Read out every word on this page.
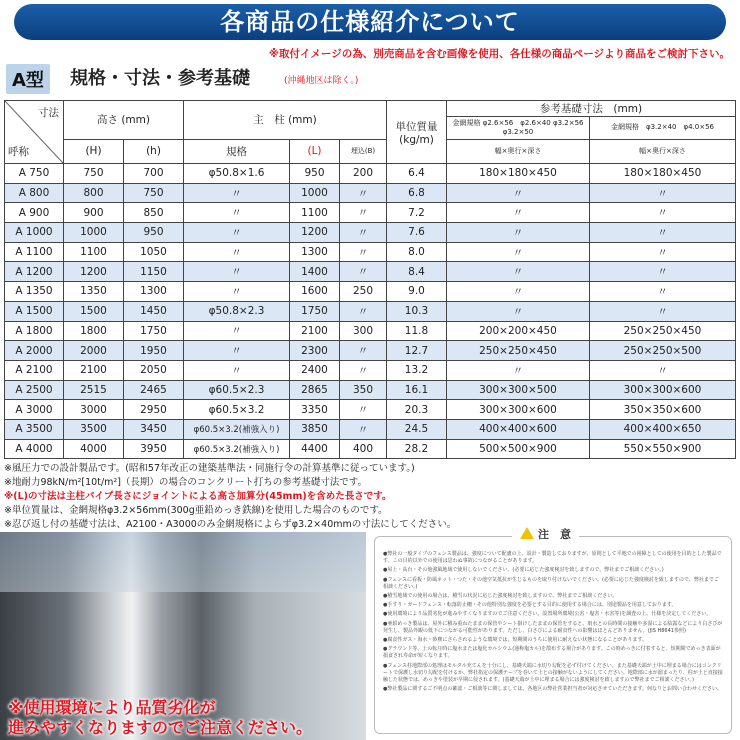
各商品の仕様紹介について
※取付イメージの為、別売商品を含む画像を使用、各仕様の商品ページより商品をご検討下さい。
A型	規格・寸法・参考基礎	(沖縄地区は除く。)
寸法
呼称	高さ (mm)		主　柱 (mm)			単位質量
(kg/m)	参考基礎寸法　(mm)	
							金網規格 φ2.6×56　φ2.6×40 φ3.2×56　φ3.2×50	金網規格　φ3.2×40　φ4.0×56
	(H)	(h)	規格	(L)	埋込(B)		幅×奥行×深さ	幅×奥行×深さ
A 750	750	700	φ50.8×1.6	950	200	6.4	180×180×450	180×180×450
A 800	800	750	〃	1000	〃	6.8	〃	〃
A 900	900	850	〃	1100	〃	7.2	〃	〃
A 1000	1000	950	〃	1200	〃	7.6	〃	〃
A 1100	1100	1050	〃	1300	〃	8.0	〃	〃
A 1200	1200	1150	〃	1400	〃	8.4	〃	〃
A 1350	1350	1300	〃	1600	250	9.0	〃	〃
A 1500	1500	1450	φ50.8×2.3	1750	〃	10.3	〃	〃
A 1800	1800	1750	〃	2100	300	11.8	200×200×450	250×250×450
A 2000	2000	1950	〃	2300	〃	12.7	250×250×450	250×250×500
A 2100	2100	2050	〃	2400	〃	13.2	〃	〃
A 2500	2515	2465	φ60.5×2.3	2865	350	16.1	300×300×500	300×300×600
A 3000	3000	2950	φ60.5×3.2	3350	〃	20.3	300×300×600	350×350×600
A 3500	3500	3450	φ60.5×3.2(補強入り)	3850	〃	24.5	400×400×600	400×400×650
A 4000	4000	3950	φ60.5×3.2(補強入り)	4400	400	28.2	500×500×900	550×550×900
※風圧力での設計製品です。(昭和57年改正の建築基準法・同施行令の計算基準に従っています。)
※地耐力98kN/m²[10t/m²]（長期）の場合のコンクリート打ちの参考基礎寸法です。
※(L)の寸法は主柱パイプ長さにジョイントによる高さ加算分(45mm)を含めた長さです。
※単位質量は、金網規格φ3.2×56mm(300g亜鉛めっき鉄線)を使用した場合のものです。
※忍び返し付の基礎寸法は、A2100・A3000のみ金網規格によらずφ3.2×40mmの寸法にしてください。
※使用環境により品質劣化が
進みやすくなりますのでご注意ください。

●弊社の一般タイプのフェンス製品は、強度について配慮の上、設計・製造しておりますが、原則として平地での囲障としての使用を目的とした製品です。この目的以外での使用は思わぬ事故につながることがあります。

●屋上・高台・その他強風地域で使用しないでください。(必要に応じた強度検討を致しますので、弊社までご相談ください。)

●フェンスに看板・防風ネット・つた・その他空気抵抗が生じるものを取り付けないでください。(必要に応じた強度検討を致しますので、弊社までご相談ください。)

●積雪地域での使用の場合は、積雪の状況に応じた強度検討を致しますので、弊社までご相談ください。

●手すり・ガードフェンス・転落防止柵・その他特別な強度を必要とする目的に使用する場合には、別途製品を用意しております。

●使用環境により品質劣化が進みやすくなりますのでご注意ください。設置場所環境(公害・塩害・水害等)を調査の上、仕様を決定してください。

●亜鉛めっき製品は、屋外に積み重ねたままの保管やシート掛けしたままの保管をすると、雨水との長時間の接触や多湿による結露などにより白さびが発生し、製品外観の低下につながる可能性があります。ただし、白さびによる耐食性への影響はほとんどありません。(JIS H8641参照)

●腐食性ガス・海水・砂塵にさらされるような環境では、短期間のうちに使用に耐えない状態になることがあります。

●グラウンド等、土の転圧時に塩水または塩化カルシウム(通称塩カル)を散布する場合があります。この時めっきに付着すると、短期間でめっき表面が損食され寿命が短くなります。

●フェンス柱地際部の処理はモルタル充てんを十分にし、基礎天端に水切り勾配を必ず付けてください。また基礎天端が土中に埋まる場合にはコンクリートで保護し水切り勾配を付けるか、弊社指定の保護テープを巻いて土との接触がないようにしてください。地際部に水が溜まったり、柱が土と直接接触した状態では、めっきや塗装が早期に侵されます。(基礎天端が土中に埋まる場合には強度検討を致しますので弊社までご相談ください。)

●弊社製品に関するご不明点の確認・ご相談等に関しましては、各地区の弊社営業担当者が対応させていただきます。何なりとお問い合わせください。

注　意
